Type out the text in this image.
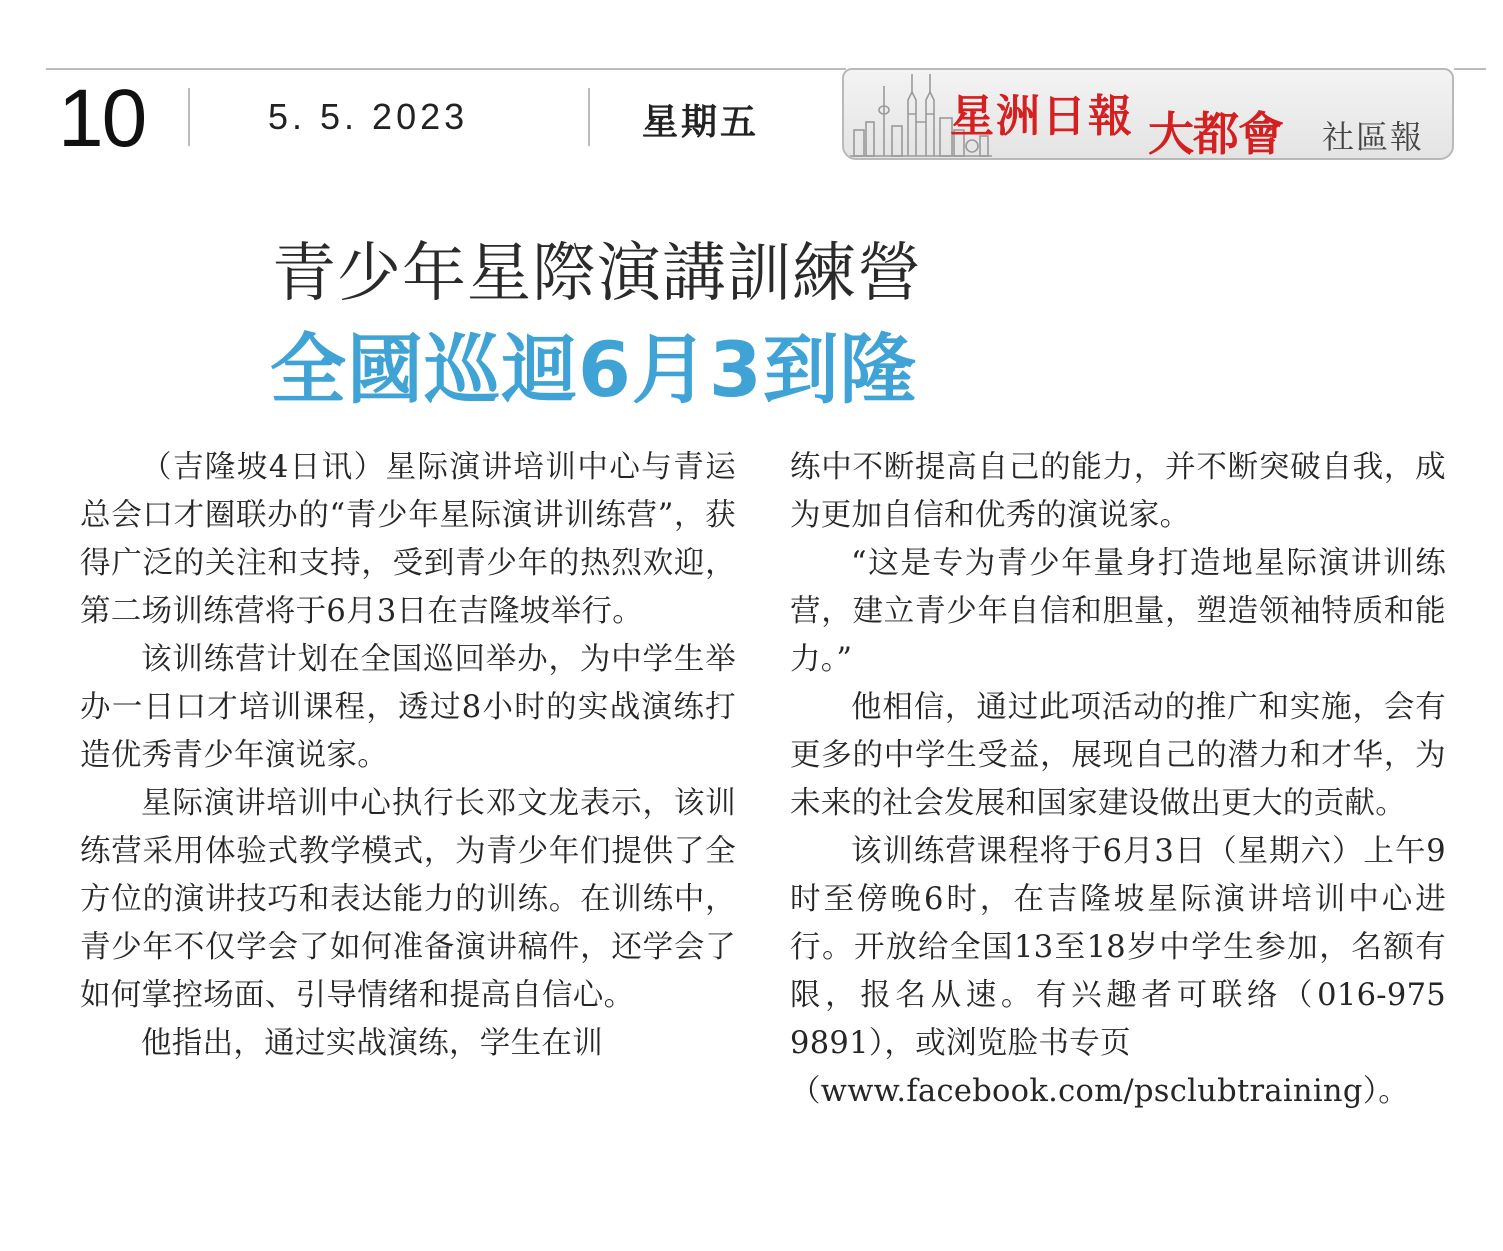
10	5. 5. 2023	星期五	星洲日報 大都會 社區報
青少年星際演講訓練營
全國巡迴6月3到隆

（吉隆坡4日讯）星际演讲培训中心与青运总会口才圈联办的“青少年星际演讲训练营”，获得广泛的关注和支持，受到青少年的热烈欢迎，第二场训练营将于6月3日在吉隆坡举行。

该训练营计划在全国巡回举办，为中学生举办一日口才培训课程，透过8小时的实战演练打造优秀青少年演说家。

星际演讲培训中心执行长邓文龙表示，该训练营采用体验式教学模式，为青少年们提供了全方位的演讲技巧和表达能力的训练。在训练中，青少年不仅学会了如何准备演讲稿件，还学会了如何掌控场面、引导情绪和提高自信心。

他指出，通过实战演练，学生在训

练中不断提高自己的能力，并不断突破自我，成为更加自信和优秀的演说家。

“这是专为青少年量身打造地星际演讲训练营，建立青少年自信和胆量，塑造领袖特质和能力。”

他相信，通过此项活动的推广和实施，会有更多的中学生受益，展现自己的潜力和才华，为未来的社会发展和国家建设做出更大的贡献。

该训练营课程将于6月3日（星期六）上午9时至傍晚6时，在吉隆坡星际演讲培训中心进行。开放给全国13至18岁中学生参加，名额有限，报名从速。有兴趣者可联络（016-975 9891），或浏览脸书专页

（www.facebook.com/psclubtraining）。
